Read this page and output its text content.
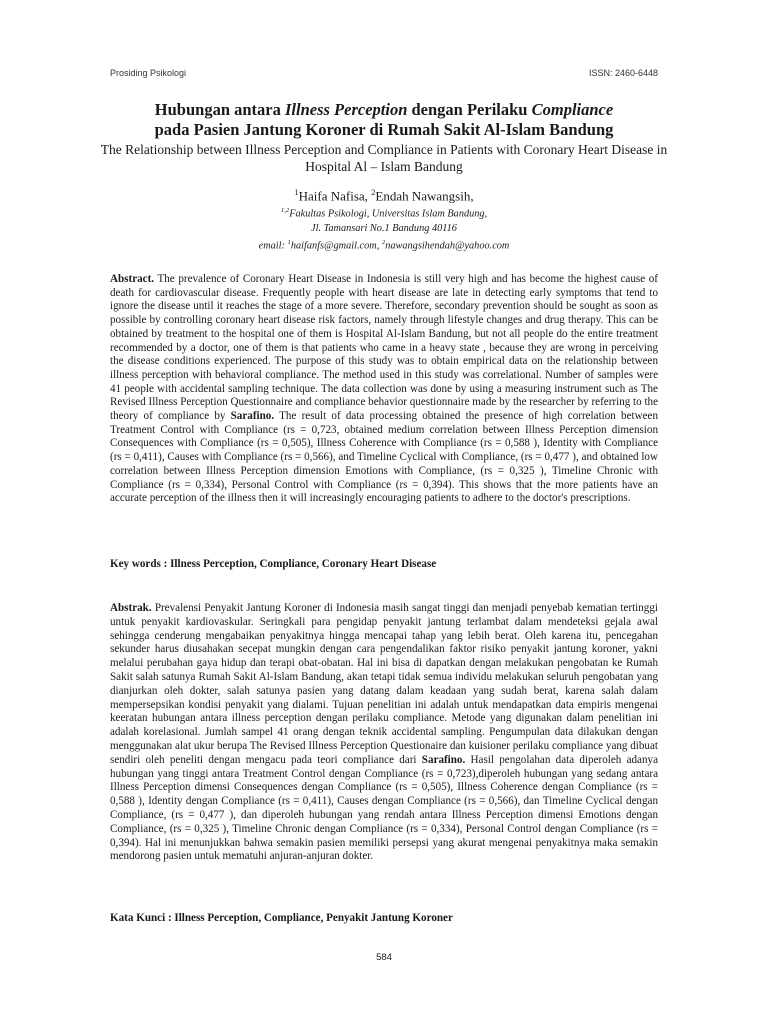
Prosiding Psikologi	ISSN: 2460-6448
Hubungan antara Illness Perception dengan Perilaku Compliance
pada Pasien Jantung Koroner di Rumah Sakit Al-Islam Bandung
The Relationship between Illness Perception and Compliance in Patients with Coronary Heart Disease in Hospital Al – Islam Bandung
$^1$Haifa Nafisa, $^2$Endah Nawangsih,
$^{1,2}$Fakultas Psikologi, Universitas Islam Bandung,
Jl. Tamansari No.1 Bandung 40116
email: $^1$haifanfs@gmail.com, $^2$nawangsihendah@yahoo.com
Abstract. The prevalence of Coronary Heart Disease in Indonesia is still very high and has become the highest cause of death for cardiovascular disease. Frequently people with heart disease are late in detecting early symptoms that tend to ignore the disease until it reaches the stage of a more severe. Therefore, secondary prevention should be sought as soon as possible by controlling coronary heart disease risk factors, namely through lifestyle changes and drug therapy. This can be obtained by treatment to the hospital one of them is Hospital Al-Islam Bandung, but not all people do the entire treatment recommended by a doctor, one of them is that patients who came in a heavy state , because they are wrong in perceiving the disease conditions experienced. The purpose of this study was to obtain empirical data on the relationship between illness perception with behavioral compliance. The method used in this study was correlational. Number of samples were 41 people with accidental sampling technique. The data collection was done by using a measuring instrument such as The Revised Illness Perception Questionnaire and compliance behavior questionnaire made by the researcher by referring to the theory of compliance by Sarafino. The result of data processing obtained the presence of high correlation between Treatment Control with Compliance (rs = 0,723, obtained medium correlation between Illness Perception dimension Consequences with Compliance (rs = 0,505), Illness Coherence with Compliance (rs = 0,588 ), Identity with Compliance (rs = 0,411), Causes with Compliance (rs = 0,566), and Timeline Cyclical with Compliance, (rs = 0,477 ), and obtained low correlation between Illness Perception dimension Emotions with Compliance, (rs = 0,325 ), Timeline Chronic with Compliance (rs = 0,334), Personal Control with Compliance (rs = 0,394). This shows that the more patients have an accurate perception of the illness then it will increasingly encouraging patients to adhere to the doctor's prescriptions.
Key words : Illness Perception, Compliance, Coronary Heart Disease
Abstrak. Prevalensi Penyakit Jantung Koroner di Indonesia masih sangat tinggi dan menjadi penyebab kematian tertinggi untuk penyakit kardiovaskular. Seringkali para pengidap penyakit jantung terlambat dalam mendeteksi gejala awal sehingga cenderung mengabaikan penyakitnya hingga mencapai tahap yang lebih berat. Oleh karena itu, pencegahan sekunder harus diusahakan secepat mungkin dengan cara pengendalikan faktor risiko penyakit jantung koroner, yakni melalui perubahan gaya hidup dan terapi obat-obatan. Hal ini bisa di dapatkan dengan melakukan pengobatan ke Rumah Sakit salah satunya Rumah Sakit Al-Islam Bandung, akan tetapi tidak semua individu melakukan seluruh pengobatan yang dianjurkan oleh dokter, salah satunya pasien yang datang dalam keadaan yang sudah berat, karena salah dalam mempersepsikan kondisi penyakit yang dialami. Tujuan penelitian ini adalah untuk mendapatkan data empiris mengenai keeratan hubungan antara illness perception dengan perilaku compliance. Metode yang digunakan dalam penelitian ini adalah korelasional. Jumlah sampel 41 orang dengan teknik accidental sampling. Pengumpulan data dilakukan dengan menggunakan alat ukur berupa The Revised Illness Perception Questionaire dan kuisioner perilaku compliance yang dibuat sendiri oleh peneliti dengan mengacu pada teori compliance dari Sarafino. Hasil pengolahan data diperoleh adanya hubungan yang tinggi antara Treatment Control dengan Compliance (rs = 0,723),diperoleh hubungan yang sedang antara Illness Perception dimensi Consequences dengan Compliance (rs = 0,505), Illness Coherence dengan Compliance (rs = 0,588 ), Identity dengan Compliance (rs = 0,411), Causes dengan Compliance (rs = 0,566), dan Timeline Cyclical dengan Compliance, (rs = 0,477 ), dan diperoleh hubungan yang rendah antara Illness Perception dimensi Emotions dengan Compliance, (rs = 0,325 ), Timeline Chronic dengan Compliance (rs = 0,334), Personal Control dengan Compliance (rs = 0,394). Hal ini menunjukkan bahwa semakin pasien memiliki persepsi yang akurat mengenai penyakitnya maka semakin mendorong pasien untuk mematuhi anjuran-anjuran dokter.
Kata Kunci : Illness Perception, Compliance, Penyakit Jantung Koroner
584
